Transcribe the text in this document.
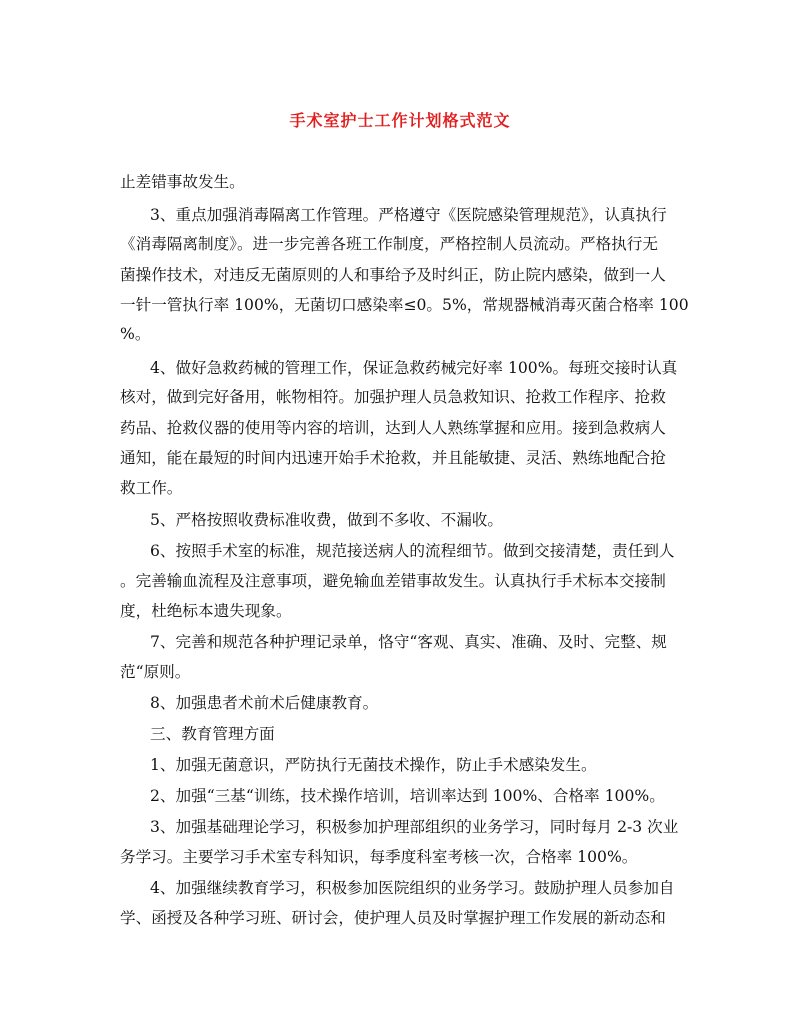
手术室护士工作计划格式范文

止差错事故发生。

3、重点加强消毒隔离工作管理。严格遵守《医院感染管理规范》，认真执行

《消毒隔离制度》。进一步完善各班工作制度，严格控制人员流动。严格执行无

菌操作技术，对违反无菌原则的人和事给予及时纠正，防止院内感染，做到一人

一针一管执行率 100%，无菌切口感染率≤0。5%，常规器械消毒灭菌合格率 100

%。

4、做好急救药械的管理工作，保证急救药械完好率 100%。每班交接时认真

核对，做到完好备用，帐物相符。加强护理人员急救知识、抢救工作程序、抢救

药品、抢救仪器的使用等内容的培训，达到人人熟练掌握和应用。接到急救病人

通知，能在最短的时间内迅速开始手术抢救，并且能敏捷、灵活、熟练地配合抢

救工作。

5、严格按照收费标准收费，做到不多收、不漏收。

6、按照手术室的标准，规范接送病人的流程细节。做到交接清楚，责任到人

。完善输血流程及注意事项，避免输血差错事故发生。认真执行手术标本交接制

度，杜绝标本遗失现象。

7、完善和规范各种护理记录单，恪守“客观、真实、准确、及时、完整、规

范“原则。

8、加强患者术前术后健康教育。

三、教育管理方面

1、加强无菌意识，严防执行无菌技术操作，防止手术感染发生。

2、加强“三基“训练，技术操作培训，培训率达到 100%、合格率 100%。

3、加强基础理论学习，积极参加护理部组织的业务学习，同时每月 2-3 次业

务学习。主要学习手术室专科知识，每季度科室考核一次，合格率 100%。

4、加强继续教育学习，积极参加医院组织的业务学习。鼓励护理人员参加自

学、函授及各种学习班、研讨会，使护理人员及时掌握护理工作发展的新动态和
